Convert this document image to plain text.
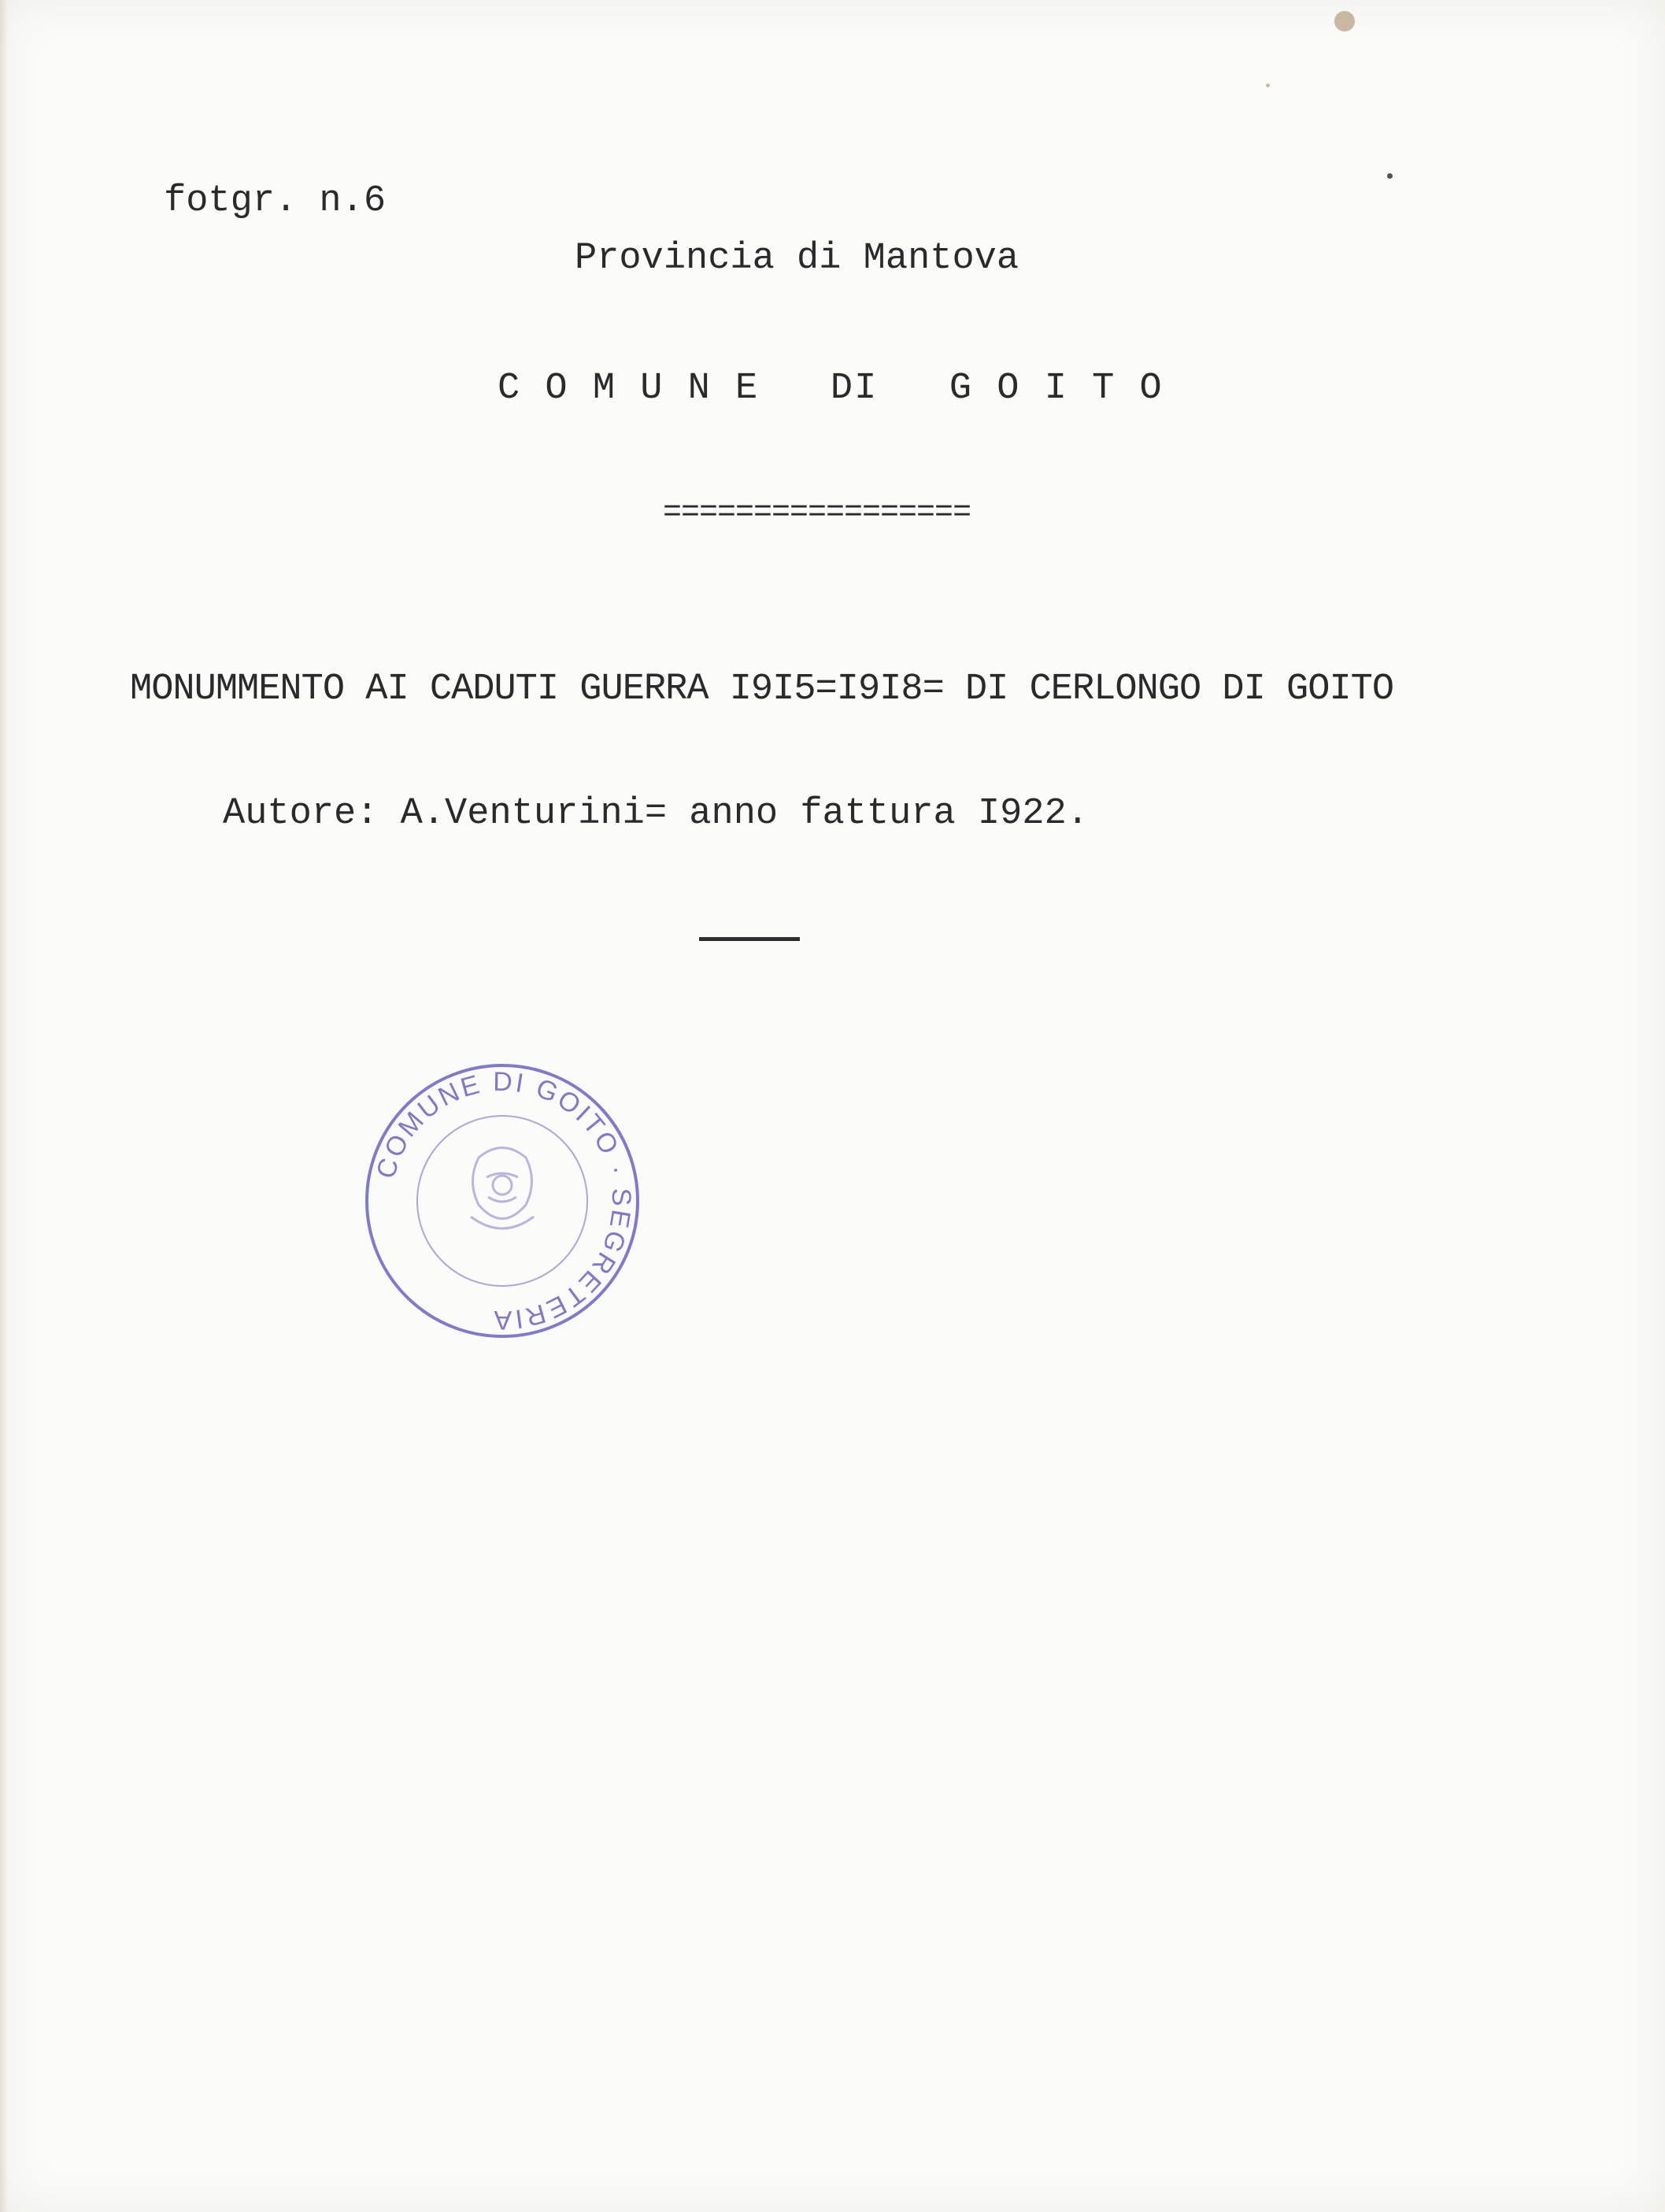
fotgr. n.6
Provincia di Mantova
C O M U N E   DI   G O I T O
=================
MONUMMENTO AI CADUTI GUERRA I9I5=I9I8= DI CERLONGO DI GOITO
Autore: A.Venturini= anno fattura I922.
COMUNE DI GOITO · SEGRETERIA
